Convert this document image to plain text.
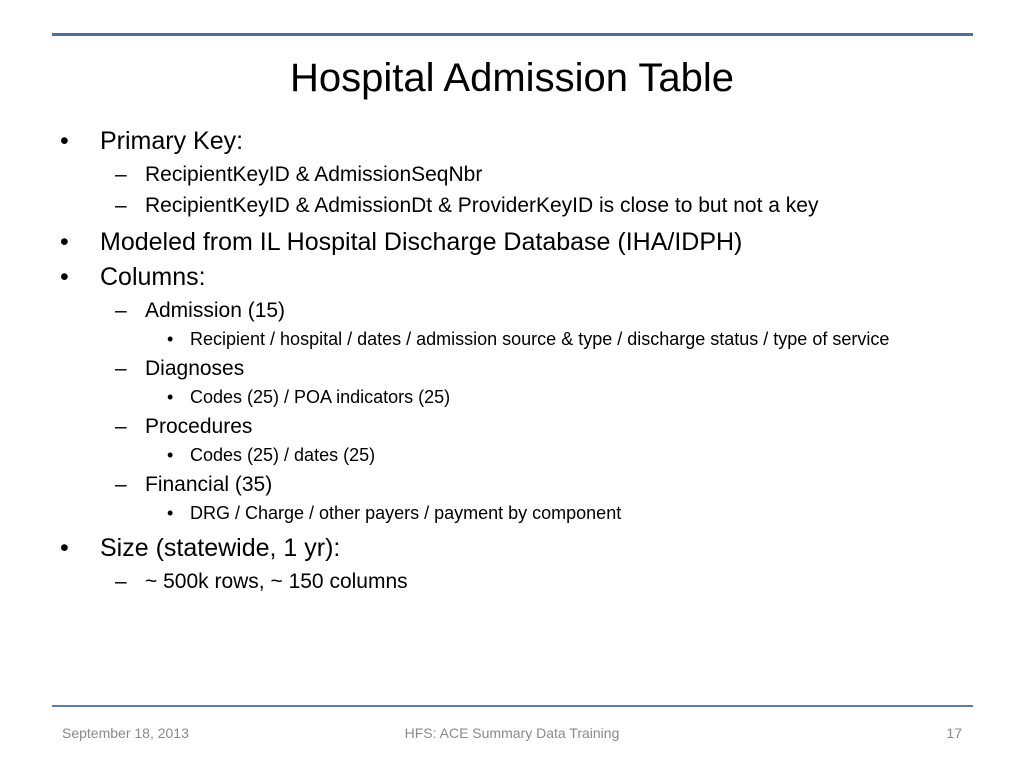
Hospital Admission Table
•	Primary Key:
– RecipientKeyID & AdmissionSeqNbr
– RecipientKeyID & AdmissionDt & ProviderKeyID is close to but not a key
•	Modeled from IL Hospital Discharge Database (IHA/IDPH)
•	Columns:
– Admission (15)
• Recipient / hospital / dates / admission source & type / discharge status / type of service
– Diagnoses
• Codes (25) / POA indicators (25)
– Procedures
• Codes (25) / dates (25)
– Financial (35)
• DRG / Charge / other payers / payment by component
•	Size (statewide, 1 yr):
– ~ 500k rows, ~ 150 columns
September 18, 2013	HFS: ACE Summary Data Training	17
